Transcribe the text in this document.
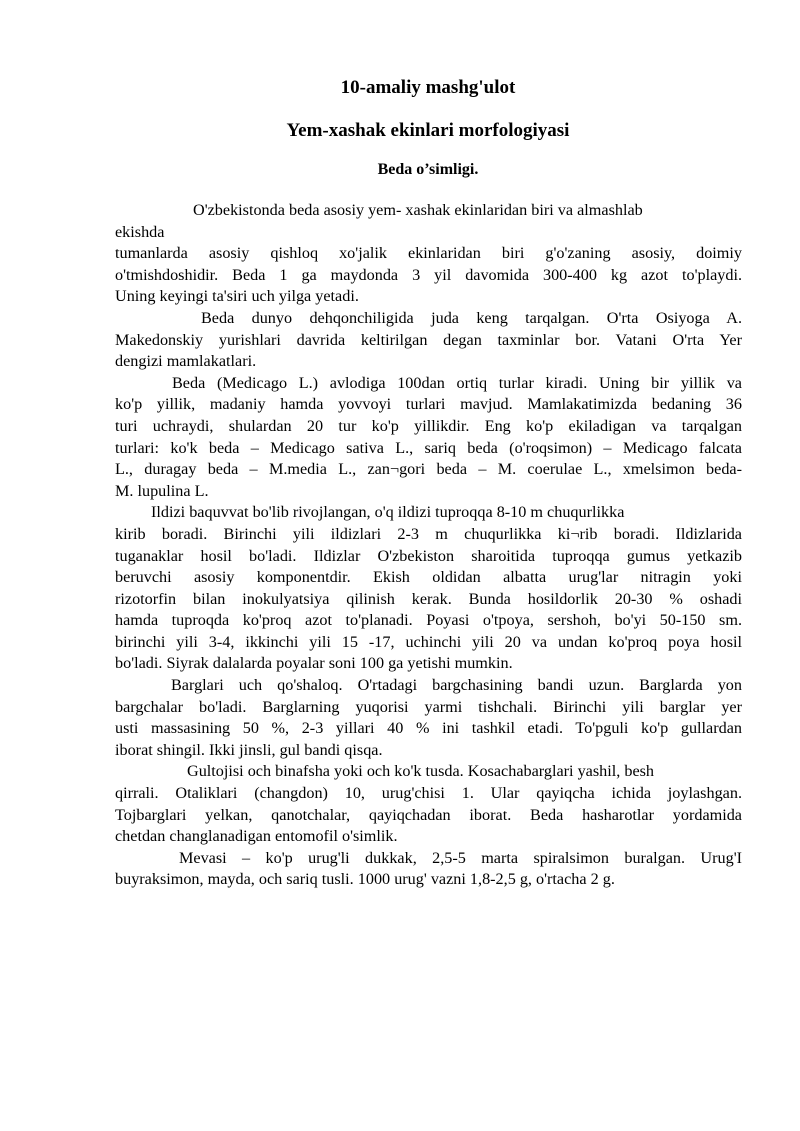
10-amaliy mashg'ulot
Yem-xashak ekinlari morfologiyasi
Beda o’simligi.
O'zbekistonda beda asosiy yem- xashak ekinlaridan biri va almashlab
ekishda
tumanlarda asosiy qishloq xo'jalik ekinlaridan biri g'o'zaning asosiy, doimiy
o'tmishdoshidir. Beda 1 ga maydonda 3 yil davomida 300-400 kg azot to'playdi.
Uning keyingi ta'siri uch yilga yetadi.
Beda dunyo dehqonchiligida juda keng tarqalgan. O'rta Osiyoga A.
Makedonskiy yurishlari davrida keltirilgan degan taxminlar bor. Vatani O'rta Yer
dengizi mamlakatlari.
Beda (Medicago L.) avlodiga 100dan ortiq turlar kiradi. Uning bir yillik va
ko'p yillik, madaniy hamda yovvoyi turlari mavjud. Mamlakatimizda bedaning 36
turi uchraydi, shulardan 20 tur ko'p yillikdir. Eng ko'p ekiladigan va tarqalgan
turlari: ko'k beda – Medicago sativa L., sariq beda (o'roqsimon) – Medicago falcata
L., duragay beda – M.media L., zan¬gori beda – M. coerulae L., xmelsimon beda-
M. lupulina L.
Ildizi baquvvat bo'lib rivojlangan, o'q ildizi tuproqqa 8-10 m chuqurlikka
kirib boradi. Birinchi yili ildizlari 2-3 m chuqurlikka ki¬rib boradi. Ildizlarida
tuganaklar hosil bo'ladi. Ildizlar O'zbekiston sharoitida tuproqqa gumus yetkazib
beruvchi asosiy komponentdir. Ekish oldidan albatta urug'lar nitragin yoki
rizotorfin bilan inokulyatsiya qilinish kerak. Bunda hosildorlik 20-30 % oshadi
hamda tuproqda ko'proq azot to'planadi. Poyasi o'tpoya, sershoh, bo'yi 50-150 sm.
birinchi yili 3-4, ikkinchi yili 15 -17, uchinchi yili 20 va undan ko'proq poya hosil
bo'ladi. Siyrak dalalarda poyalar soni 100 ga yetishi mumkin.
Barglari uch qo'shaloq. O'rtadagi bargchasining bandi uzun. Barglarda yon
bargchalar bo'ladi. Barglarning yuqorisi yarmi tishchali. Birinchi yili barglar yer
usti massasining 50 %, 2-3 yillari 40 % ini tashkil etadi. To'pguli ko'p gullardan
iborat shingil. Ikki jinsli, gul bandi qisqa.
Gultojisi och binafsha yoki och ko'k tusda. Kosachabarglari yashil, besh
qirrali. Otaliklari (changdon) 10, urug'chisi 1. Ular qayiqcha ichida joylashgan.
Tojbarglari yelkan, qanotchalar, qayiqchadan iborat. Beda hasharotlar yordamida
chetdan changlanadigan entomofil o'simlik.
Mevasi – ko'p urug'li dukkak, 2,5-5 marta spiralsimon buralgan. Urug'I
buyraksimon, mayda, och sariq tusli. 1000 urug' vazni 1,8-2,5 g, o'rtacha 2 g.
